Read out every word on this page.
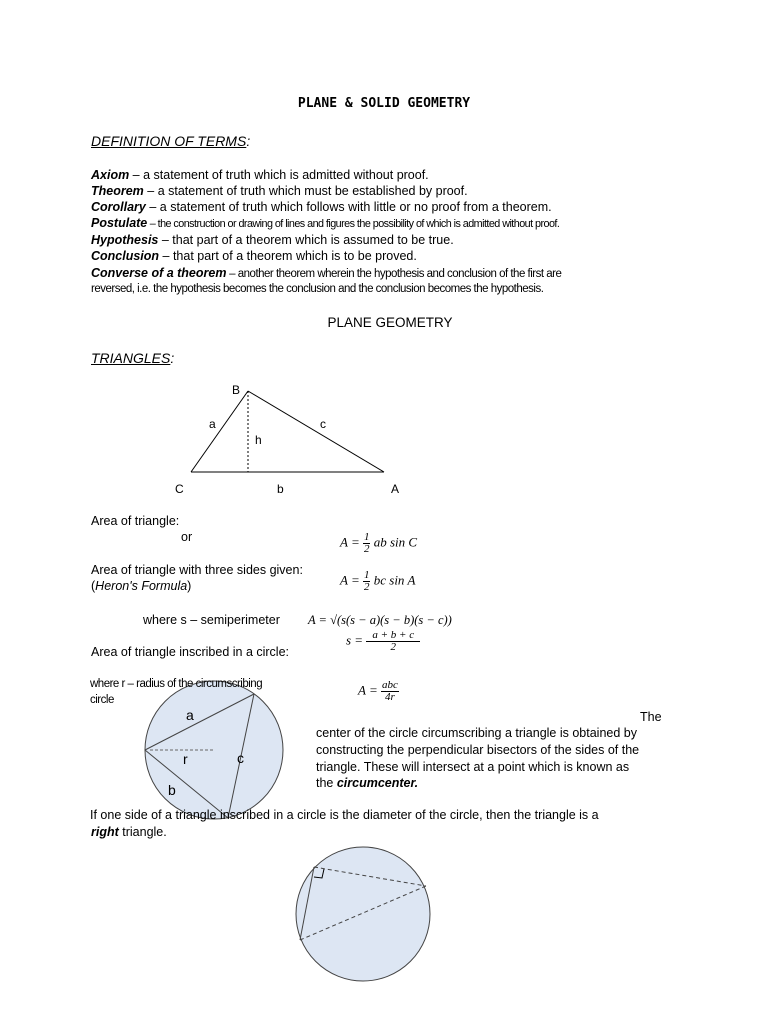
PLANE & SOLID GEOMETRY
DEFINITION OF TERMS:
Axiom – a statement of truth which is admitted without proof.
Theorem – a statement of truth which must be established by proof.
Corollary – a statement of truth which follows with little or no proof from a theorem.
Postulate – the construction or drawing of lines and figures the possibility of which is admitted without proof.
Hypothesis – that part of a theorem which is assumed to be true.
Conclusion – that part of a theorem which is to be proved.
Converse of a theorem – another theorem wherein the hypothesis and conclusion of the first are
reversed, i.e. the hypothesis becomes the conclusion and the conclusion becomes the hypothesis.
PLANE GEOMETRY
TRIANGLES:
B
a	c
h
C	b	A
Area of triangle:
or	$A = \frac{1}{2}$ ab sin C
Area of triangle with three sides given:
(Heron's Formula)	$A = \frac{1}{2}$ bc sin A
where s – semiperimeter A = √(s(s − a)(s − b)(s − c))
$s = \frac{a + b + c}{2}$
Area of triangle inscribed in a circle:
$A = \frac{\text{abc}}{4r}$
a
r	c
b
where r – radius of the circumscribing
circle
The
center of the circle circumscribing a triangle is obtained by
constructing the perpendicular bisectors of the sides of the
triangle. These will intersect at a point which is known as
the circumcenter.
If one side of a triangle inscribed in a circle is the diameter of the circle, then the triangle is a
right triangle.
